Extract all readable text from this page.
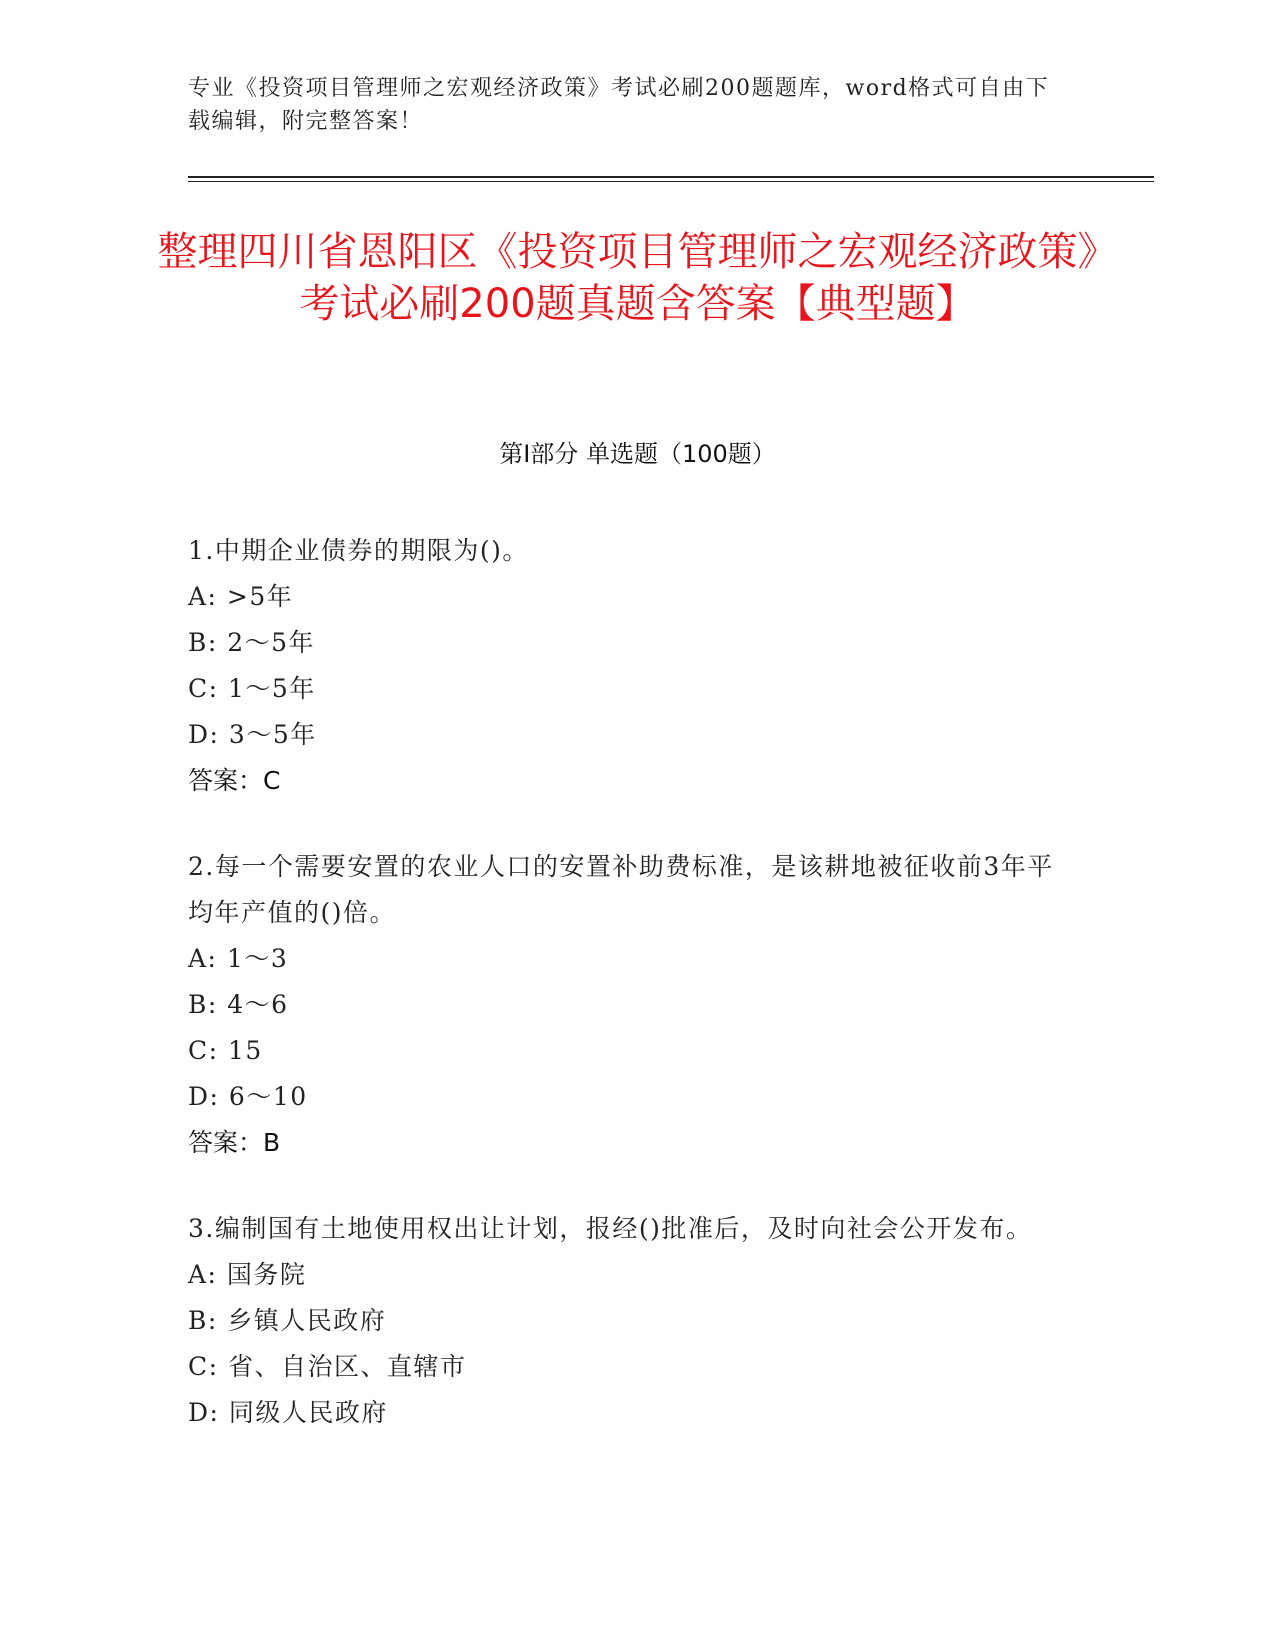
专业《投资项目管理师之宏观经济政策》考试必刷200题题库，word格式可自由下载编辑，附完整答案！
整理四川省恩阳区《投资项目管理师之宏观经济政策》考试必刷200题真题含答案【典型题】
第Ⅰ部分 单选题（100题）
1.中期企业债券的期限为()。
A: >5年
B: 2～5年
C: 1～5年
D: 3～5年
答案：C
2.每一个需要安置的农业人口的安置补助费标准，是该耕地被征收前3年平均年产值的()倍。
A: 1～3
B: 4～6
C: 15
D: 6～10
答案：B
3.编制国有土地使用权出让计划，报经()批准后，及时向社会公开发布。
A: 国务院
B: 乡镇人民政府
C: 省、自治区、直辖市
D: 同级人民政府
